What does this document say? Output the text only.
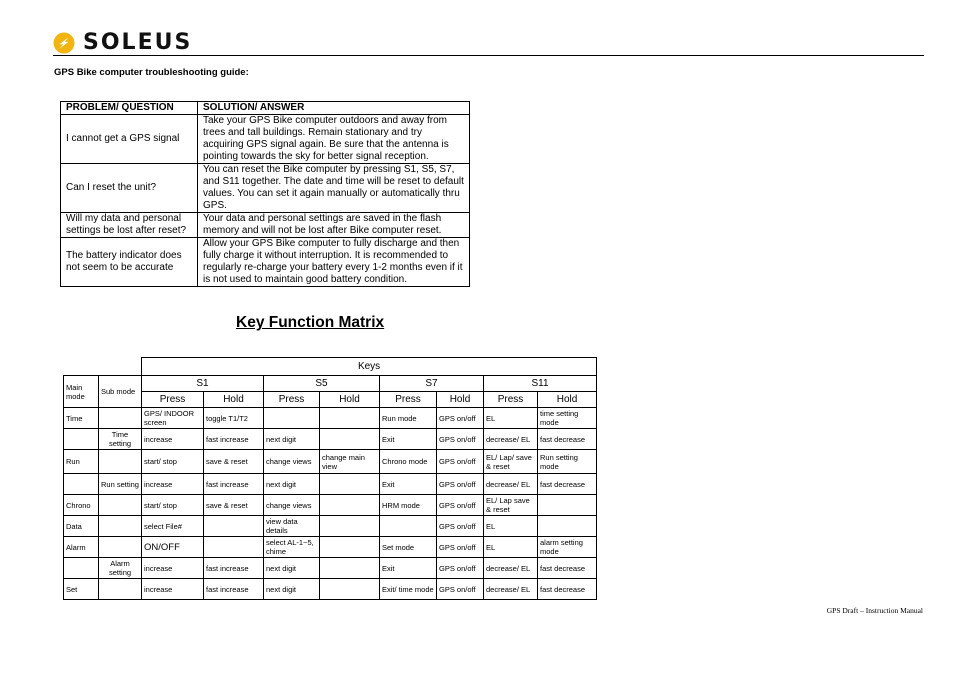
SOLEUS
GPS Bike computer troubleshooting guide:
PROBLEM/ QUESTION	SOLUTION/ ANSWER
I cannot get a GPS signal	Take your GPS Bike computer outdoors and away from trees and tall buildings. Remain stationary and try acquiring GPS signal again. Be sure that the antenna is pointing towards the sky for better signal reception.
Can I reset the unit?	You can reset the Bike computer by pressing S1, S5, S7, and S11 together. The date and time will be reset to default values. You can set it again manually or automatically thru GPS.
Will my data and personal settings be lost after reset?	Your data and personal settings are saved in the flash memory and will not be lost after Bike computer reset.
The battery indicator does not seem to be accurate	Allow your GPS Bike computer to fully discharge and then fully charge it without interruption. It is recommended to regularly re-charge your battery every 1-2 months even if it is not used to maintain good battery condition.
Key Function Matrix
		Keys							
Main mode	Sub mode	S1		S5		S7		S11	
		Press	Hold	Press	Hold	Press	Hold	Press	Hold
Time		GPS/ INDOOR screen	toggle T1/T2			Run mode	GPS on/off	EL	time setting mode
	Time setting	increase	fast increase	next digit		Exit	GPS on/off	decrease/ EL	fast decrease
Run		start/ stop	save & reset	change views	change main view	Chrono mode	GPS on/off	EL/ Lap/ save & reset	Run setting mode
	Run setting	increase	fast increase	next digit		Exit	GPS on/off	decrease/ EL	fast decrease
Chrono		start/ stop	save & reset	change views		HRM mode	GPS on/off	EL/ Lap save & reset	
Data		select File#		view data details			GPS on/off	EL	
Alarm		ON/OFF		select AL-1~5, chime		Set mode	GPS on/off	EL	alarm setting mode
	Alarm setting	increase	fast increase	next digit		Exit	GPS on/off	decrease/ EL	fast decrease
Set		increase	fast increase	next digit		Exit/ time mode	GPS on/off	decrease/ EL	fast decrease
GPS Draft – Instruction Manual
